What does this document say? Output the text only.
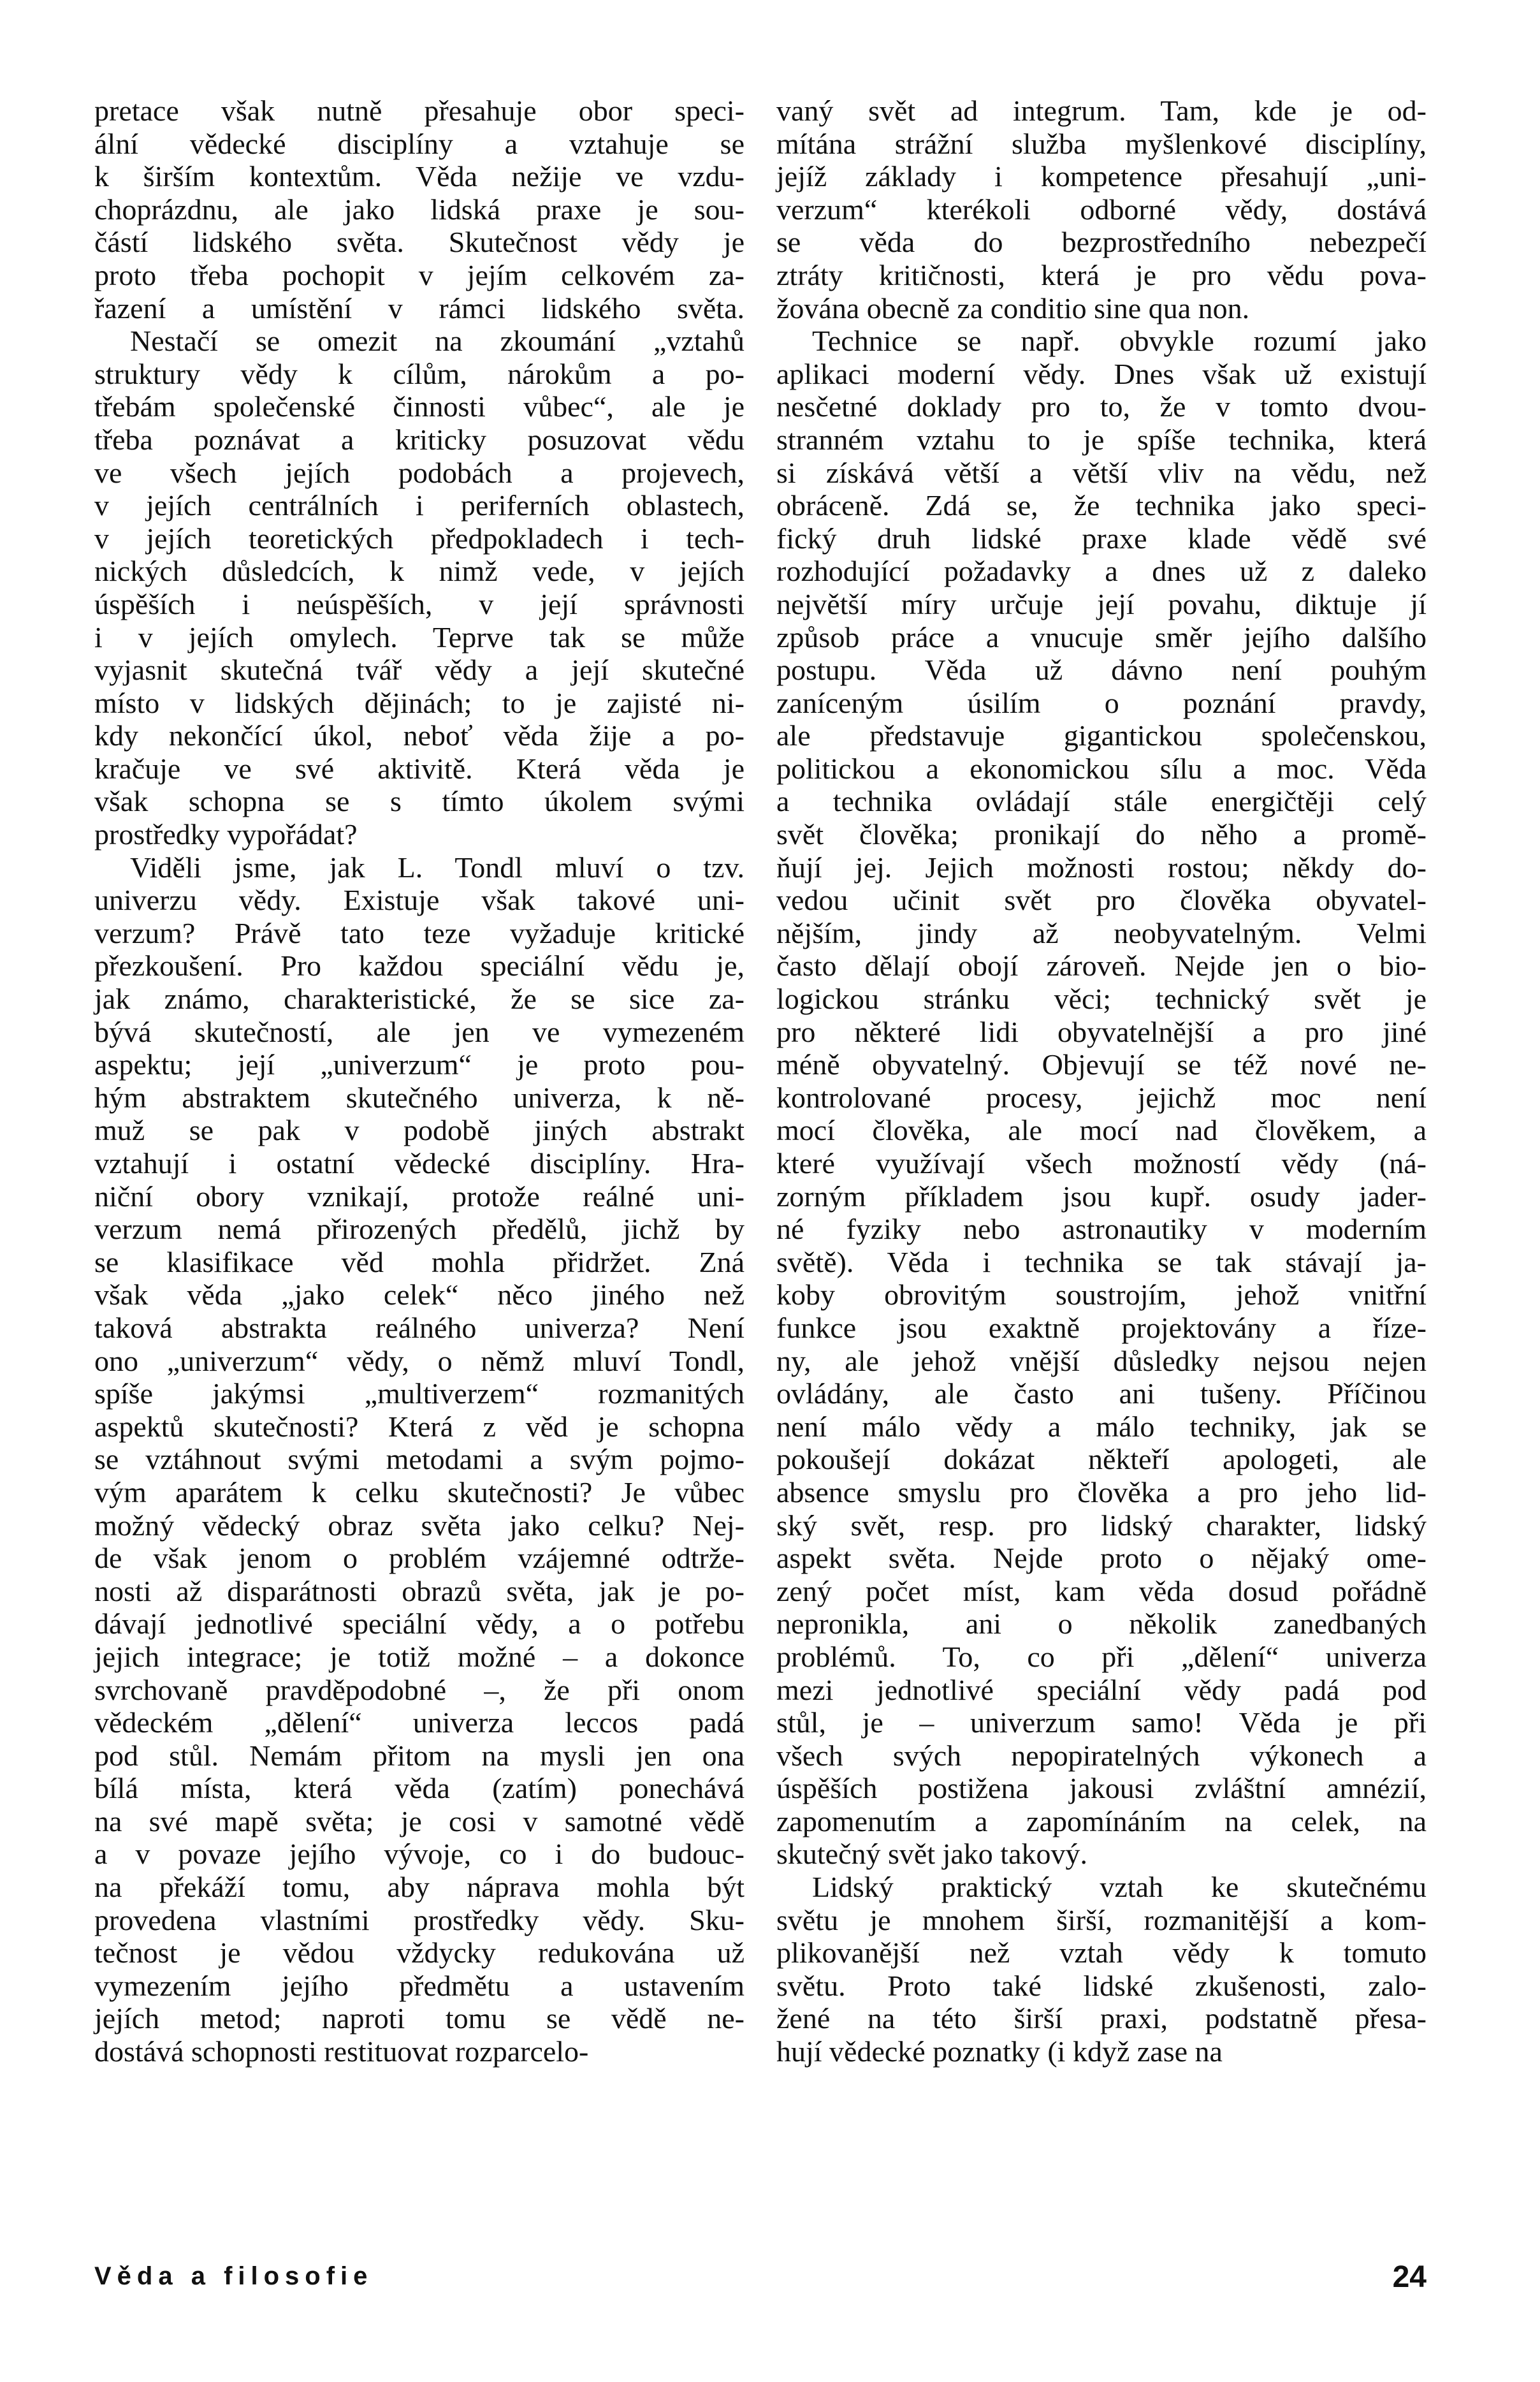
pretace však nutně přesahuje obor speci-
ální vědecké disciplíny a vztahuje se
k širším kontextům. Věda nežije ve vzdu-
choprázdnu, ale jako lidská praxe je sou-
částí lidského světa. Skutečnost vědy je
proto třeba pochopit v jejím celkovém za-
řazení a umístění v rámci lidského světa.
Nestačí se omezit na zkoumání „vztahů
struktury vědy k cílům, nárokům a po-
třebám společenské činnosti vůbec“, ale je
třeba poznávat a kriticky posuzovat vědu
ve všech jejích podobách a projevech,
v jejích centrálních i periferních oblastech,
v jejích teoretických předpokladech i tech-
nických důsledcích, k nimž vede, v jejích
úspěších i neúspěších, v její správnosti
i v jejích omylech. Teprve tak se může
vyjasnit skutečná tvář vědy a její skutečné
místo v lidských dějinách; to je zajisté ni-
kdy nekončící úkol, neboť věda žije a po-
kračuje ve své aktivitě. Která věda je
však schopna se s tímto úkolem svými
prostředky vypořádat?
Viděli jsme, jak L. Tondl mluví o tzv.
univerzu vědy. Existuje však takové uni-
verzum? Právě tato teze vyžaduje kritické
přezkoušení. Pro každou speciální vědu je,
jak známo, charakteristické, že se sice za-
bývá skutečností, ale jen ve vymezeném
aspektu; její „univerzum“ je proto pou-
hým abstraktem skutečného univerza, k ně-
muž se pak v podobě jiných abstrakt
vztahují i ostatní vědecké disciplíny. Hra-
niční obory vznikají, protože reálné uni-
verzum nemá přirozených předělů, jichž by
se klasifikace věd mohla přidržet. Zná
však věda „jako celek“ něco jiného než
taková abstrakta reálného univerza? Není
ono „univerzum“ vědy, o němž mluví Tondl,
spíše jakýmsi „multiverzem“ rozmanitých
aspektů skutečnosti? Která z věd je schopna
se vztáhnout svými metodami a svým pojmo-
vým aparátem k celku skutečnosti? Je vůbec
možný vědecký obraz světa jako celku? Nej-
de však jenom o problém vzájemné odtrže-
nosti až disparátnosti obrazů světa, jak je po-
dávají jednotlivé speciální vědy, a o potřebu
jejich integrace; je totiž možné – a dokonce
svrchovaně pravděpodobné –, že při onom
vědeckém „dělení“ univerza leccos padá
pod stůl. Nemám přitom na mysli jen ona
bílá místa, která věda (zatím) ponechává
na své mapě světa; je cosi v samotné vědě
a v povaze jejího vývoje, co i do budouc-
na překáží tomu, aby náprava mohla být
provedena vlastními prostředky vědy. Sku-
tečnost je vědou vždycky redukována už
vymezením jejího předmětu a ustavením
jejích metod; naproti tomu se vědě ne-
dostává schopnosti restituovat rozparcelo-
vaný svět ad integrum. Tam, kde je od-
mítána strážní služba myšlenkové disciplíny,
jejíž základy i kompetence přesahují „uni-
verzum“ kterékoli odborné vědy, dostává
se věda do bezprostředního nebezpečí
ztráty kritičnosti, která je pro vědu pova-
žována obecně za conditio sine qua non.
Technice se např. obvykle rozumí jako
aplikaci moderní vědy. Dnes však už existují
nesčetné doklady pro to, že v tomto dvou-
stranném vztahu to je spíše technika, která
si získává větší a větší vliv na vědu, než
obráceně. Zdá se, že technika jako speci-
fický druh lidské praxe klade vědě své
rozhodující požadavky a dnes už z daleko
největší míry určuje její povahu, diktuje jí
způsob práce a vnucuje směr jejího dalšího
postupu. Věda už dávno není pouhým
zaníceným úsilím o poznání pravdy,
ale představuje gigantickou společenskou,
politickou a ekonomickou sílu a moc. Věda
a technika ovládají stále energičtěji celý
svět člověka; pronikají do něho a promě-
ňují jej. Jejich možnosti rostou; někdy do-
vedou učinit svět pro člověka obyvatel-
nějším, jindy až neobyvatelným. Velmi
často dělají obojí zároveň. Nejde jen o bio-
logickou stránku věci; technický svět je
pro některé lidi obyvatelnější a pro jiné
méně obyvatelný. Objevují se též nové ne-
kontrolované procesy, jejichž moc není
mocí člověka, ale mocí nad člověkem, a
které využívají všech možností vědy (ná-
zorným příkladem jsou kupř. osudy jader-
né fyziky nebo astronautiky v moderním
světě). Věda i technika se tak stávají ja-
koby obrovitým soustrojím, jehož vnitřní
funkce jsou exaktně projektovány a říze-
ny, ale jehož vnější důsledky nejsou nejen
ovládány, ale často ani tušeny. Příčinou
není málo vědy a málo techniky, jak se
pokoušejí dokázat někteří apologeti, ale
absence smyslu pro člověka a pro jeho lid-
ský svět, resp. pro lidský charakter, lidský
aspekt světa. Nejde proto o nějaký ome-
zený počet míst, kam věda dosud pořádně
nepronikla, ani o několik zanedbaných
problémů. To, co při „dělení“ univerza
mezi jednotlivé speciální vědy padá pod
stůl, je – univerzum samo! Věda je při
všech svých nepopiratelných výkonech a
úspěších postižena jakousi zvláštní amnézií,
zapomenutím a zapomínáním na celek, na
skutečný svět jako takový.
Lidský praktický vztah ke skutečnému
světu je mnohem širší, rozmanitější a kom-
plikovanější než vztah vědy k tomuto
světu. Proto také lidské zkušenosti, zalo-
žené na této širší praxi, podstatně přesa-
hují vědecké poznatky (i když zase na
Věda a filosofie	24
